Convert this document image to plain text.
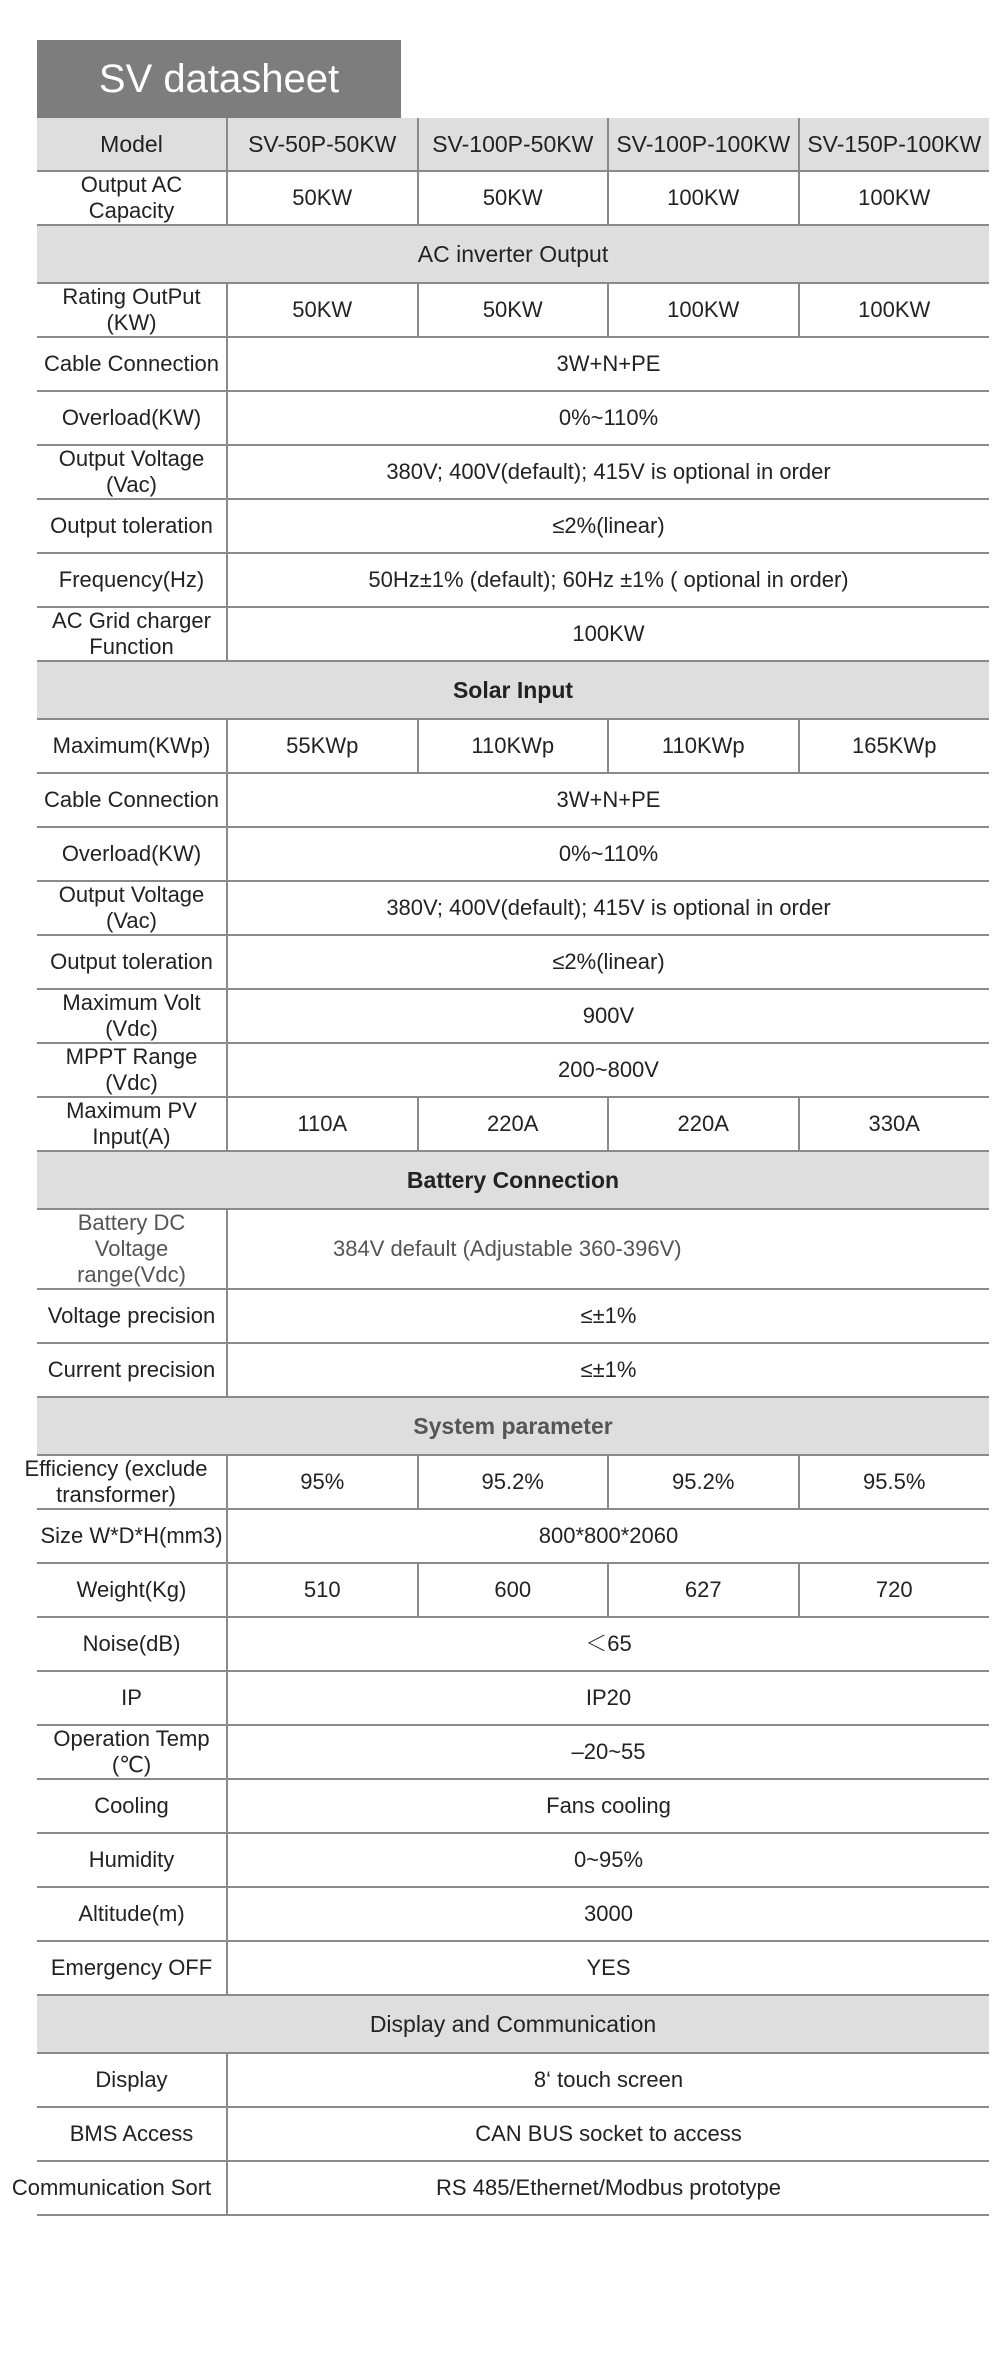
SV datasheet
Model	SV-50P-50KW	SV-100P-50KW	SV-100P-100KW	SV-150P-100KW
Output AC Capacity	50KW	50KW	100KW	100KW
AC inverter Output				
Rating OutPut (KW)	50KW	50KW	100KW	100KW
Cable Connection	3W+N+PE			
Overload(KW)	0%~110%			
Output Voltage (Vac)	380V; 400V(default); 415V is optional in order			
Output toleration	≤2%(linear)			
Frequency(Hz)	50Hz±1% (default); 60Hz ±1% ( optional in order)			
AC Grid charger Function	100KW			
Solar Input				
Maximum(KWp)	55KWp	110KWp	110KWp	165KWp
Cable Connection	3W+N+PE			
Overload(KW)	0%~110%			
Output Voltage (Vac)	380V; 400V(default); 415V is optional in order			
Output toleration	≤2%(linear)			
Maximum Volt (Vdc)	900V			
MPPT Range (Vdc)	200~800V			
Maximum PV Input(A)	110A	220A	220A	330A
Battery Connection				
Battery DC Voltage range(Vdc)	384V default (Adjustable 360-396V)			
Voltage precision	≤±1%			
Current precision	≤±1%			
System parameter				
Efficiency (exclude transformer)	95%	95.2%	95.2%	95.5%
Size W*D*H(mm3)	800*800*2060			
Weight(Kg)	510	600	627	720
Noise(dB)	＜65			
IP	IP20			
Operation Temp (℃)	–20~55			
Cooling	Fans cooling			
Humidity	0~95%			
Altitude(m)	3000			
Emergency OFF	YES			
Display and Communication				
Display	8‘ touch screen			
BMS Access	CAN BUS socket to access			
Communication Sort	RS 485/Ethernet/Modbus prototype			
